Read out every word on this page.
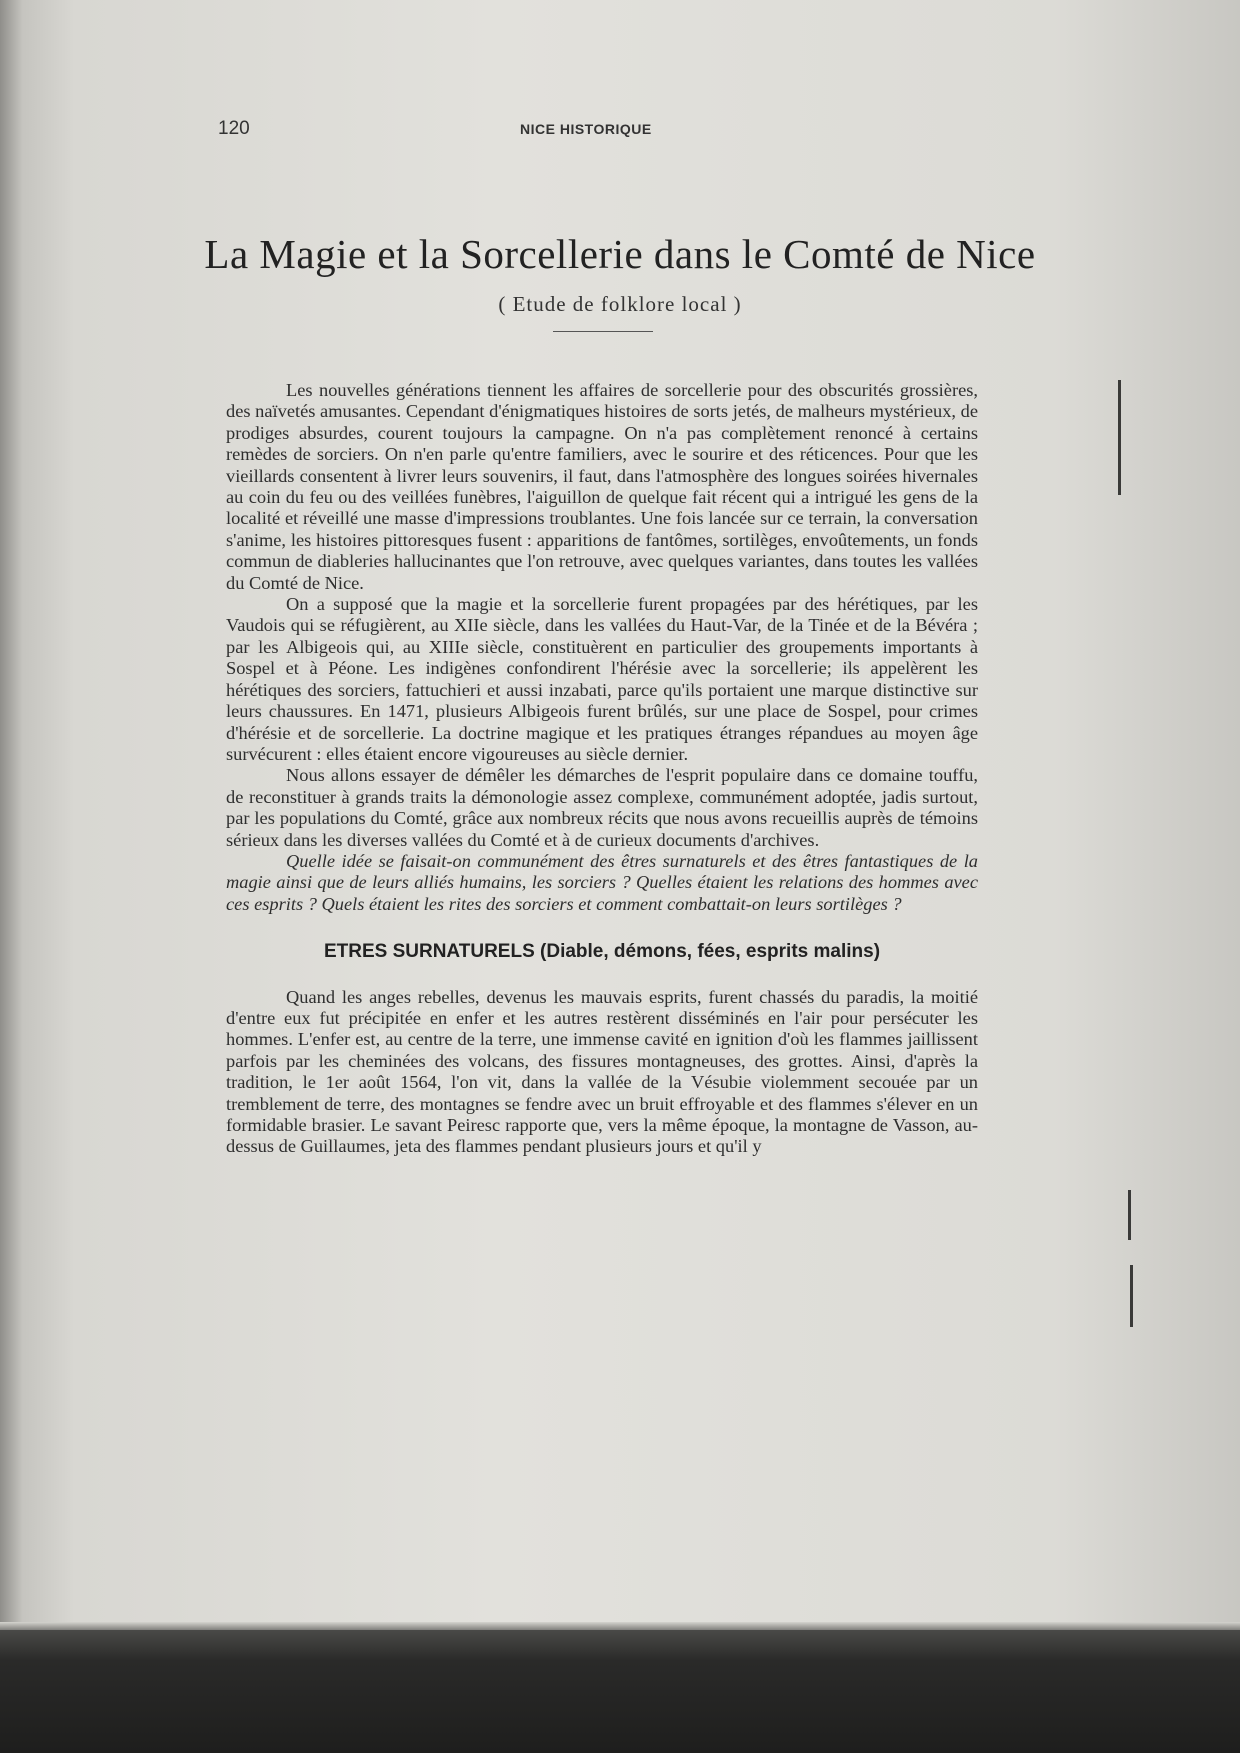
120	NICE HISTORIQUE
La Magie et la Sorcellerie dans le Comté de Nice
( Etude de folklore local )

Les nouvelles générations tiennent les affaires de sorcellerie pour des obscurités grossières, des naïvetés amusantes. Cependant d'énigmatiques histoires de sorts jetés, de malheurs mystérieux, de prodiges absurdes, courent toujours la campagne. On n'a pas complètement renoncé à certains remèdes de sorciers. On n'en parle qu'entre familiers, avec le sourire et des réticences. Pour que les vieillards consentent à livrer leurs souvenirs, il faut, dans l'atmosphère des longues soirées hivernales au coin du feu ou des veillées funèbres, l'aiguillon de quelque fait récent qui a intrigué les gens de la localité et réveillé une masse d'impressions troublantes. Une fois lancée sur ce terrain, la conversation s'anime, les histoires pittoresques fusent : apparitions de fantômes, sortilèges, envoûtements, un fonds commun de diableries hallucinantes que l'on retrouve, avec quelques variantes, dans toutes les vallées du Comté de Nice.

On a supposé que la magie et la sorcellerie furent propagées par des hérétiques, par les Vaudois qui se réfugièrent, au XIIe siècle, dans les vallées du Haut-Var, de la Tinée et de la Bévéra ; par les Albigeois qui, au XIIIe siècle, constituèrent en particulier des groupements importants à Sospel et à Péone. Les indigènes confondirent l'hérésie avec la sorcellerie; ils appelèrent les hérétiques des sorciers, fattuchieri et aussi inzabati, parce qu'ils portaient une marque distinctive sur leurs chaussures. En 1471, plusieurs Albigeois furent brûlés, sur une place de Sospel, pour crimes d'hérésie et de sorcellerie. La doctrine magique et les pratiques étranges répandues au moyen âge survécurent : elles étaient encore vigoureuses au siècle dernier.

Nous allons essayer de démêler les démarches de l'esprit populaire dans ce domaine touffu, de reconstituer à grands traits la démonologie assez complexe, communément adoptée, jadis surtout, par les populations du Comté, grâce aux nombreux récits que nous avons recueillis auprès de témoins sérieux dans les diverses vallées du Comté et à de curieux documents d'archives.

Quelle idée se faisait-on communément des êtres surnaturels et des êtres fantastiques de la magie ainsi que de leurs alliés humains, les sorciers ? Quelles étaient les relations des hommes avec ces esprits ? Quels étaient les rites des sorciers et comment combattait-on leurs sortilèges ?

ETRES SURNATURELS (Diable, démons, fées, esprits malins)

Quand les anges rebelles, devenus les mauvais esprits, furent chassés du paradis, la moitié d'entre eux fut précipitée en enfer et les autres restèrent disséminés en l'air pour persécuter les hommes. L'enfer est, au centre de la terre, une immense cavité en ignition d'où les flammes jaillissent parfois par les cheminées des volcans, des fissures montagneuses, des grottes. Ainsi, d'après la tradition, le 1er août 1564, l'on vit, dans la vallée de la Vésubie violemment secouée par un tremblement de terre, des montagnes se fendre avec un bruit effroyable et des flammes s'élever en un formidable brasier. Le savant Peiresc rapporte que, vers la même époque, la montagne de Vasson, au-dessus de Guillaumes, jeta des flammes pendant plusieurs jours et qu'il y
